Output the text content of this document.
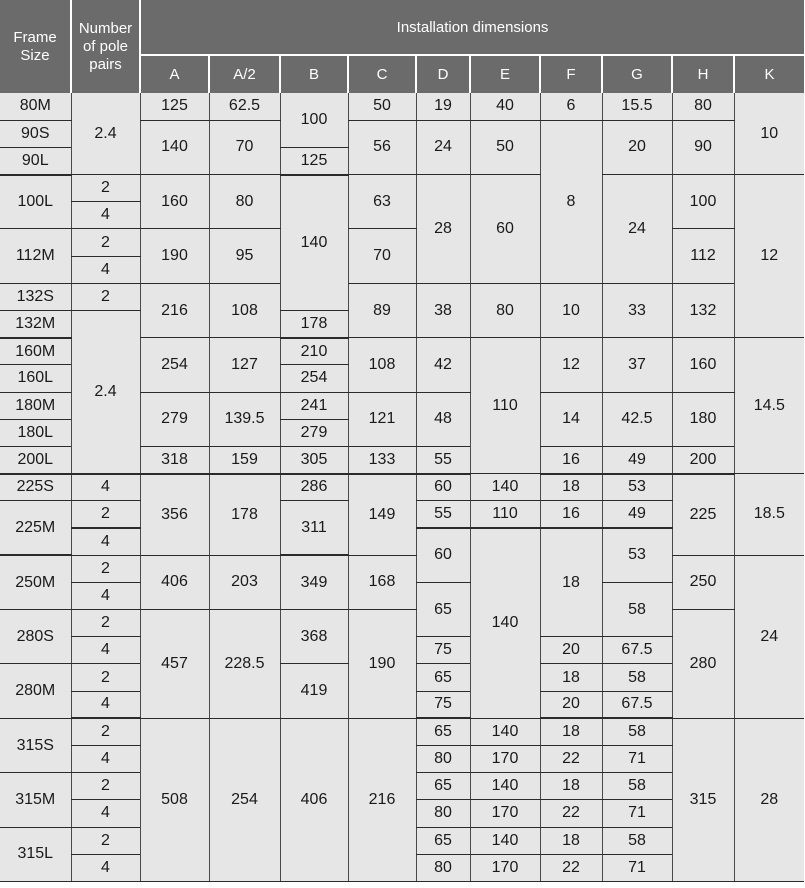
Frame Size	Number of pole pairs	Installation dimensions									
		A	A/2	B	C	D	E	F	G	H	K
80M	2.4	125	62.5	100	50	19	40	6	15.5	80	10
90S		140	70		56	24	50	8	20	90	
90L				125							
100L	2	160	80	140	63	28	60		24	100	12
	4										
112M	2	190	95		70					112	
	4										
132S	2	216	108		89	38	80	10	33	132	
132M	2.4			178							
160M		254	127	210	108	42	110	12	37	160	14.5
160L				254							
180M		279	139.5	241	121	48		14	42.5	180	
180L				279							
200L		318	159	305	133	55		16	49	200	
225S	4	356	178	286	149	60	140	18	53	225	18.5
225M	2			311		55	110	16	49		
	4					60	140	18	53		
250M	2	406	203	349	168					250	24
	4					65			58		
280S	2	457	228.5	368	190					280	
	4					75		20	67.5		
280M	2			419		65		18	58		
	4					75		20	67.5		
315S	2	508	254	406	216	65	140	18	58	315	28
	4					80	170	22	71		
315M	2					65	140	18	58		
	4					80	170	22	71		
315L	2					65	140	18	58		
	4					80	170	22	71		
